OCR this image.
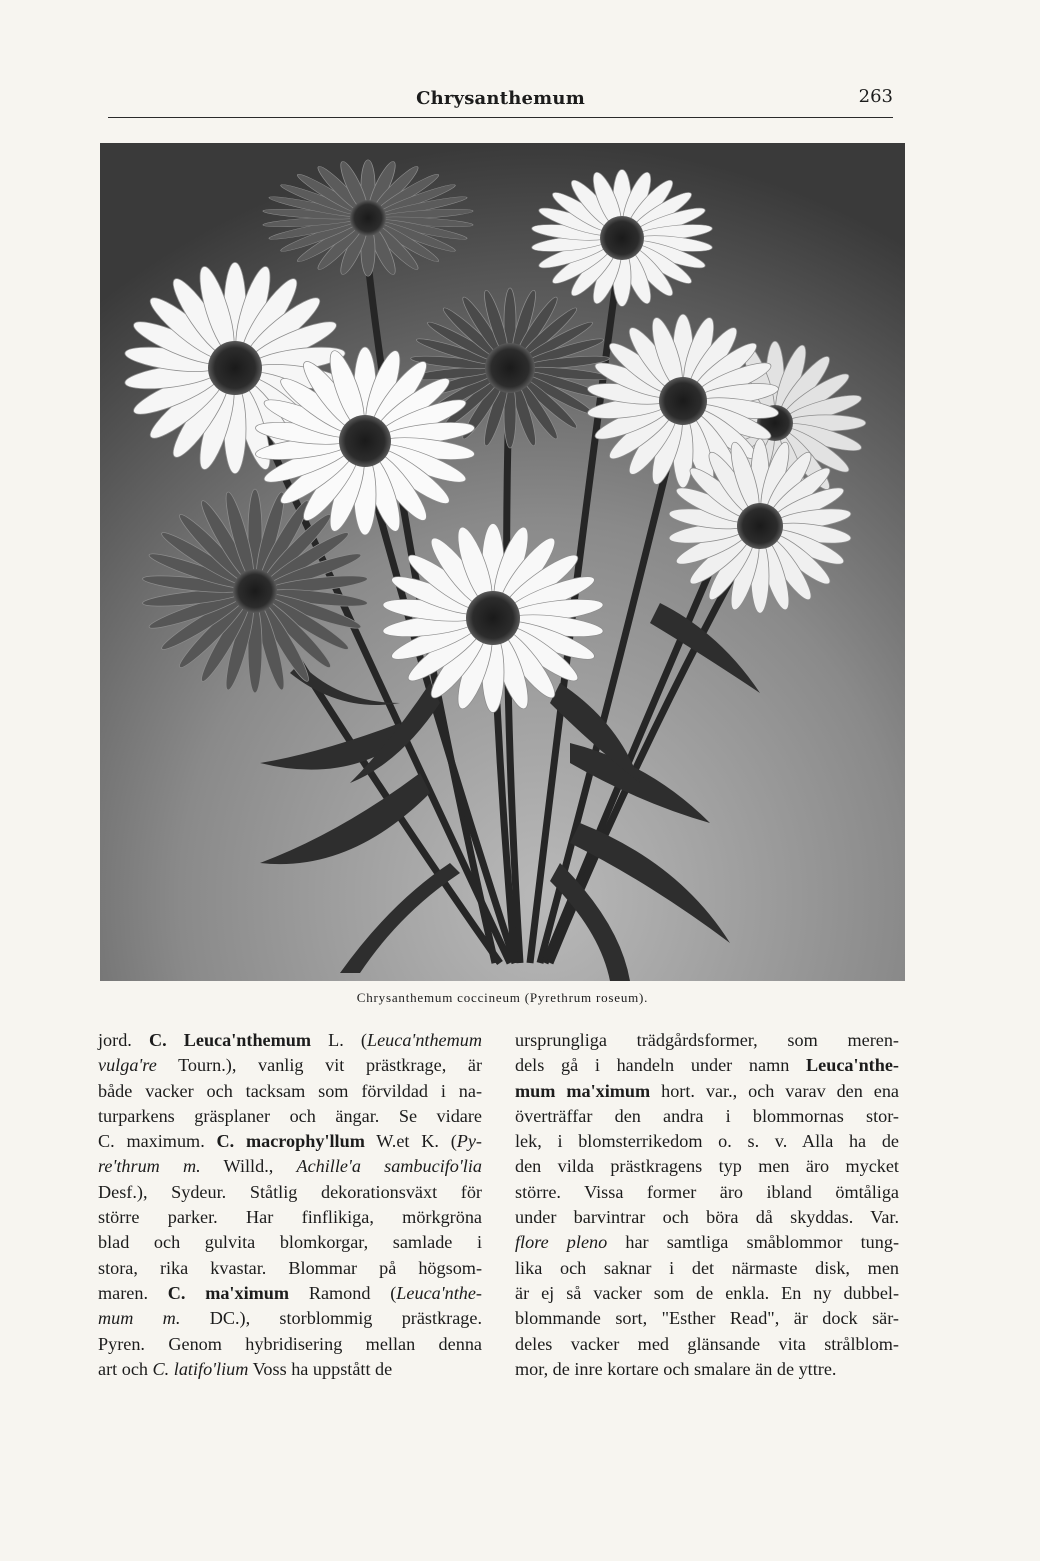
Chrysanthemum	263
Chrysanthemum coccineum (Pyrethrum roseum).
jord. C. Leuca'nthemum L. (Leuca'nthemum
vulga're Tourn.), vanlig vit prästkrage, är
både vacker och tacksam som förvildad i na-
turparkens gräsplaner och ängar. Se vidare
C. maximum. C. macrophy'llum W.et K. (Py-
re'thrum m. Willd., Achille'a sambucifo'lia
Desf.), Sydeur. Ståtlig dekorationsväxt för
större parker. Har finflikiga, mörkgröna
blad och gulvita blomkorgar, samlade i
stora, rika kvastar. Blommar på högsom-
maren. C. ma'ximum Ramond (Leuca'nthe-
mum m. DC.), storblommig prästkrage.
Pyren. Genom hybridisering mellan denna
art och C. latifo'lium Voss ha uppstått de
ursprungliga trädgårdsformer, som meren-
dels gå i handeln under namn Leuca'nthe-
mum ma'ximum hort. var., och varav den ena
överträffar den andra i blommornas stor-
lek, i blomsterrikedom o. s. v. Alla ha de
den vilda prästkragens typ men äro mycket
större. Vissa former äro ibland ömtåliga
under barvintrar och böra då skyddas. Var.
flore pleno har samtliga småblommor tung-
lika och saknar i det närmaste disk, men
är ej så vacker som de enkla. En ny dubbel-
blommande sort, "Esther Read", är dock sär-
deles vacker med glänsande vita strålblom-
mor, de inre kortare och smalare än de yttre.
